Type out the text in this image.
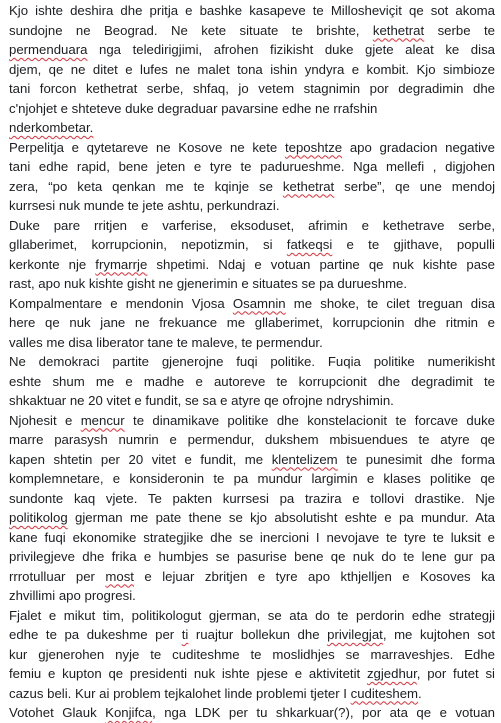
Kjo ishte deshira dhe pritja e bashke kasapeve te Millosheviçit qe sot akoma
sundojne ne Beograd. Ne kete situate te brishte, kethetrat serbe te
permenduara nga teledirigjimi, afrohen fizikisht duke gjete aleat ke disa
djem, qe ne ditet e lufes ne malet tona ishin yndyra e kombit. Kjo simbioze
tani forcon kethetrat serbe, shfaq, jo vetem stagnimin por degradimin dhe
c'njohjet e shteteve duke degraduar pavarsine edhe ne rrafshin
nderkombetar.
Perpelitja e qytetareve ne Kosove ne kete teposhtze apo gradacion negative
tani edhe rapid, bene jeten e tyre te padurueshme. Nga mellefi , digjohen
zera, “po keta qenkan me te kqinje se kethetrat serbe”, qe une mendoj
kurrsesi nuk munde te jete ashtu, perkundrazi.
Duke pare rritjen e varferise, eksoduset, afrimin e kethetrave serbe,
gllaberimet, korrupcionin, nepotizmin, si fatkeqsi e te gjithave, populli
kerkonte nje frymarrje shpetimi. Ndaj e votuan partine qe nuk kishte pase
rast, apo nuk kishte gisht ne gjenerimin e situates se pa durueshme.
Kompalmentare e mendonin Vjosa Osamnin me shoke, te cilet treguan disa
here qe nuk jane ne frekuance me gllaberimet, korrupcionin dhe ritmin e
valles me disa liberator tane te maleve, te permendur.
Ne demokraci partite gjenerojne fuqi politike. Fuqia politike numerikisht
eshte shum me e madhe e autoreve te korrupcionit dhe degradimit te
shkaktuar ne 20 vitet e fundit, se sa e atyre qe ofrojne ndryshimin.
Njohesit e mencur te dinamikave politike dhe konstelacionit te forcave duke
marre parasysh numrin e permendur, dukshem mbisuendues te atyre qe
kapen shtetin per 20 vitet e fundit, me klentelizem te punesimit dhe forma
komplemnetare, e konsideronin te pa mundur largimin e klases politike qe
sundonte kaq vjete. Te pakten kurrsesi pa trazira e tollovi drastike. Nje
politikolog gjerman me pate thene se kjo absolutisht eshte e pa mundur. Ata
kane fuqi ekonomike strategjike dhe se inercioni I nevojave te tyre te luksit e
privilegjeve dhe frika e humbjes se pasurise bene qe nuk do te lene gur pa
rrrotulluar per most e lejuar zbritjen e tyre apo kthjelljen e Kosoves ka
zhvillimi apo progresi.
Fjalet e mikut tim, politikologut gjerman, se ata do te perdorin edhe strategji
edhe te pa dukeshme per ti ruajtur bollekun dhe privilegjat, me kujtohen sot
kur gjenerohen nyje te cuditeshme te moslidhjes se marraveshjes. Edhe
femiu e kupton qe presidenti nuk ishte pjese e aktivitetit zgjedhur, por futet si
cazus beli. Kur ai problem tejkalohet linde problemi tjeter I cuditeshem.
Votohet Glauk Konjifca, nga LDK per tu shkarkuar(?), por ata qe e votuan
